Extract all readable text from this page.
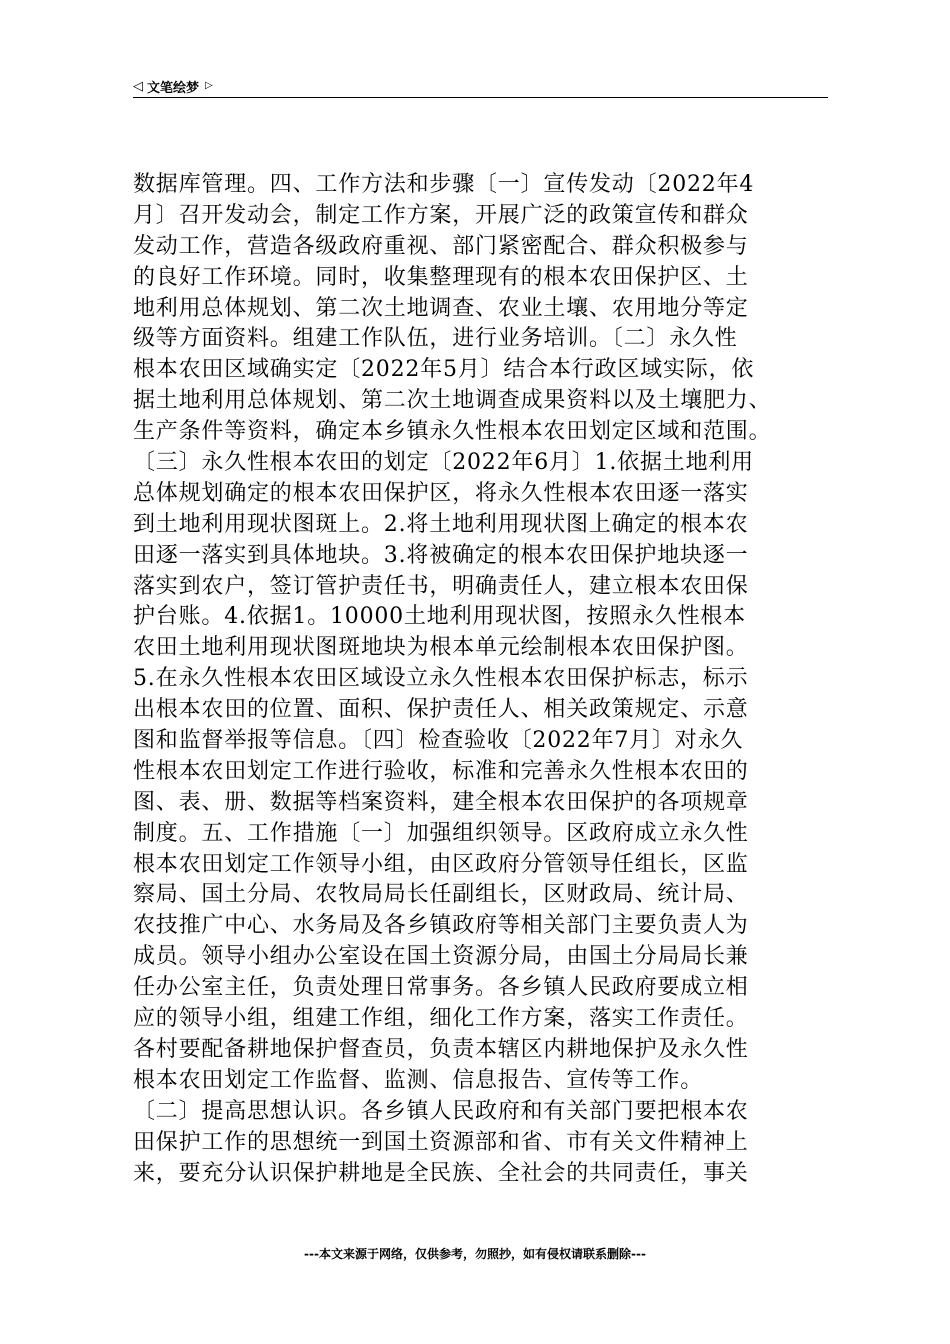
◁ 文笔绘梦 ▷
数据库管理。四、工作方法和步骤〔一〕宣传发动〔2022年4
月〕召开发动会，制定工作方案，开展广泛的政策宣传和群众
发动工作，营造各级政府重视、部门紧密配合、群众积极参与
的良好工作环境。同时，收集整理现有的根本农田保护区、土
地利用总体规划、第二次土地调查、农业土壤、农用地分等定
级等方面资料。组建工作队伍，进行业务培训。〔二〕永久性
根本农田区域确实定〔2022年5月〕结合本行政区域实际，依
据土地利用总体规划、第二次土地调查成果资料以及土壤肥力、
生产条件等资料，确定本乡镇永久性根本农田划定区域和范围。
〔三〕永久性根本农田的划定〔2022年6月〕1.依据土地利用
总体规划确定的根本农田保护区，将永久性根本农田逐一落实
到土地利用现状图斑上。2.将土地利用现状图上确定的根本农
田逐一落实到具体地块。3.将被确定的根本农田保护地块逐一
落实到农户，签订管护责任书，明确责任人，建立根本农田保
护台账。4.依据1。10000土地利用现状图，按照永久性根本
农田土地利用现状图斑地块为根本单元绘制根本农田保护图。
5.在永久性根本农田区域设立永久性根本农田保护标志，标示
出根本农田的位置、面积、保护责任人、相关政策规定、示意
图和监督举报等信息。〔四〕检查验收〔2022年7月〕对永久
性根本农田划定工作进行验收，标准和完善永久性根本农田的
图、表、册、数据等档案资料，建全根本农田保护的各项规章
制度。五、工作措施〔一〕加强组织领导。区政府成立永久性
根本农田划定工作领导小组，由区政府分管领导任组长，区监
察局、国土分局、农牧局局长任副组长，区财政局、统计局、
农技推广中心、水务局及各乡镇政府等相关部门主要负责人为
成员。领导小组办公室设在国土资源分局，由国土分局局长兼
任办公室主任，负责处理日常事务。各乡镇人民政府要成立相
应的领导小组，组建工作组，细化工作方案，落实工作责任。
各村要配备耕地保护督查员，负责本辖区内耕地保护及永久性
根本农田划定工作监督、监测、信息报告、宣传等工作。
〔二〕提高思想认识。各乡镇人民政府和有关部门要把根本农
田保护工作的思想统一到国土资源部和省、市有关文件精神上
来，要充分认识保护耕地是全民族、全社会的共同责任，事关
---本文来源于网络，仅供参考，勿照抄，如有侵权请联系删除---
